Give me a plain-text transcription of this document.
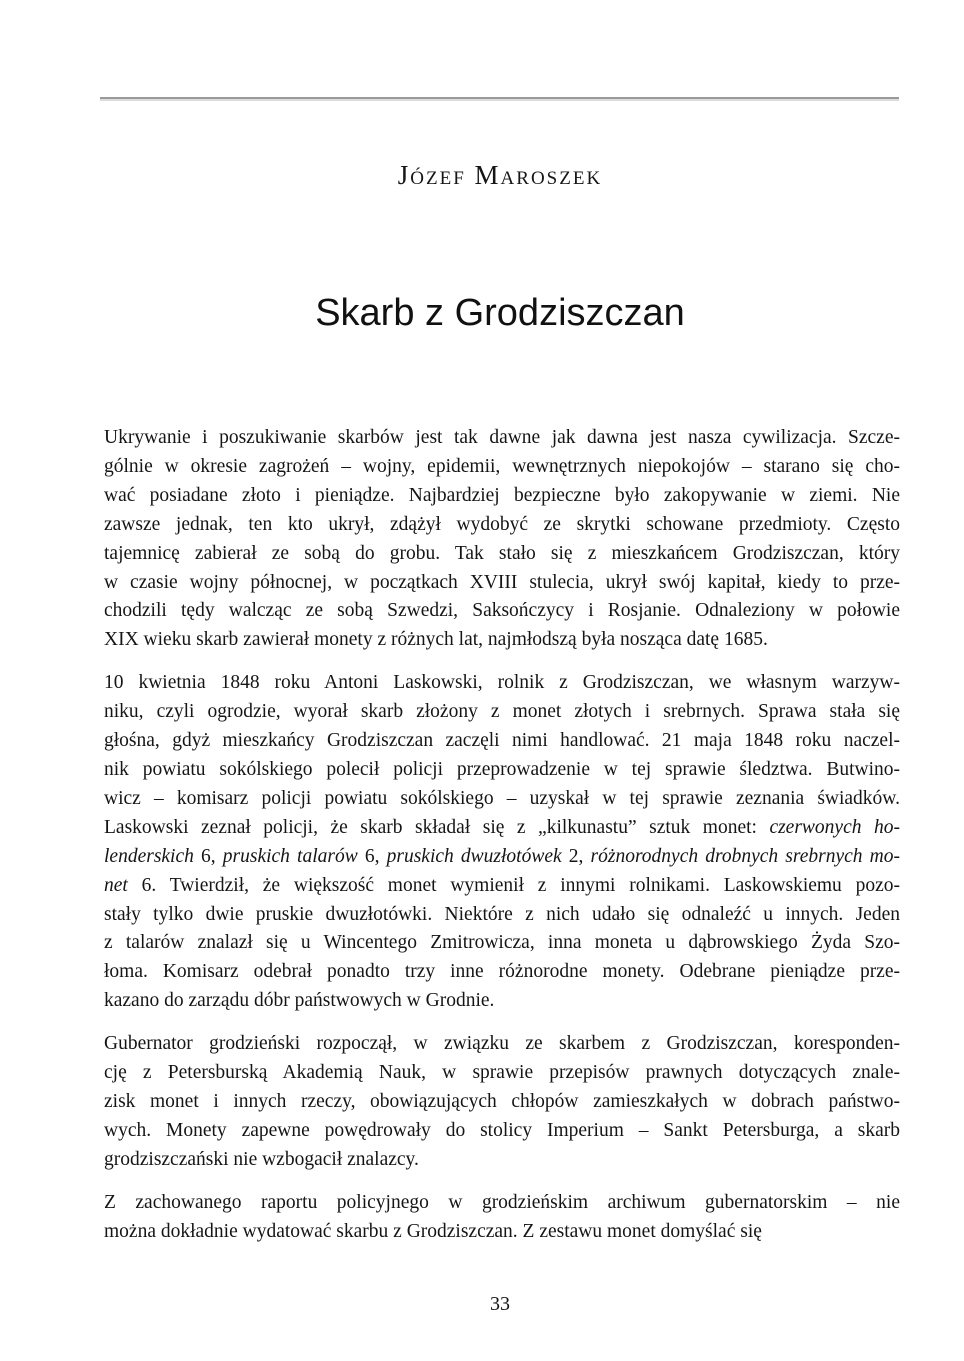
Józef Maroszek
Skarb z Grodziszczan
Ukrywanie i poszukiwanie skarbów jest tak dawne jak dawna jest nasza cywilizacja. Szcze-
gólnie w okresie zagrożeń – wojny, epidemii, wewnętrznych niepokojów – starano się cho-
wać posiadane złoto i pieniądze. Najbardziej bezpieczne było zakopywanie w ziemi. Nie
zawsze jednak, ten kto ukrył, zdążył wydobyć ze skrytki schowane przedmioty. Często
tajemnicę zabierał ze sobą do grobu. Tak stało się z mieszkańcem Grodziszczan, który
w czasie wojny północnej, w początkach XVIII stulecia, ukrył swój kapitał, kiedy to prze-
chodzili tędy walcząc ze sobą Szwedzi, Saksończycy i Rosjanie. Odnaleziony w połowie
XIX wieku skarb zawierał monety z różnych lat, najmłodszą była nosząca datę 1685.
10 kwietnia 1848 roku Antoni Laskowski, rolnik z Grodziszczan, we własnym warzyw-
niku, czyli ogrodzie, wyorał skarb złożony z monet złotych i srebrnych. Sprawa stała się
głośna, gdyż mieszkańcy Grodziszczan zaczęli nimi handlować. 21 maja 1848 roku naczel-
nik powiatu sokólskiego polecił policji przeprowadzenie w tej sprawie śledztwa. Butwino-
wicz – komisarz policji powiatu sokólskiego – uzyskał w tej sprawie zeznania świadków.
Laskowski zeznał policji, że skarb składał się z „kilkunastu” sztuk monet: czerwonych ho-
lenderskich 6, pruskich talarów 6, pruskich dwuzłotówek 2, różnorodnych drobnych srebrnych mo-
net 6. Twierdził, że większość monet wymienił z innymi rolnikami. Laskowskiemu pozo-
stały tylko dwie pruskie dwuzłotówki. Niektóre z nich udało się odnaleźć u innych. Jeden
z talarów znalazł się u Wincentego Zmitrowicza, inna moneta u dąbrowskiego Żyda Szo-
łoma. Komisarz odebrał ponadto trzy inne różnorodne monety. Odebrane pieniądze prze-
kazano do zarządu dóbr państwowych w Grodnie.
Gubernator grodzieński rozpoczął, w związku ze skarbem z Grodziszczan, koresponden-
cję z Petersburską Akademią Nauk, w sprawie przepisów prawnych dotyczących znale-
zisk monet i innych rzeczy, obowiązujących chłopów zamieszkałych w dobrach państwo-
wych. Monety zapewne powędrowały do stolicy Imperium – Sankt Petersburga, a skarb
grodziszczański nie wzbogacił znalazcy.
Z zachowanego raportu policyjnego w grodzieńskim archiwum gubernatorskim – nie
można dokładnie wydatować skarbu z Grodziszczan. Z zestawu monet domyślać się
33
